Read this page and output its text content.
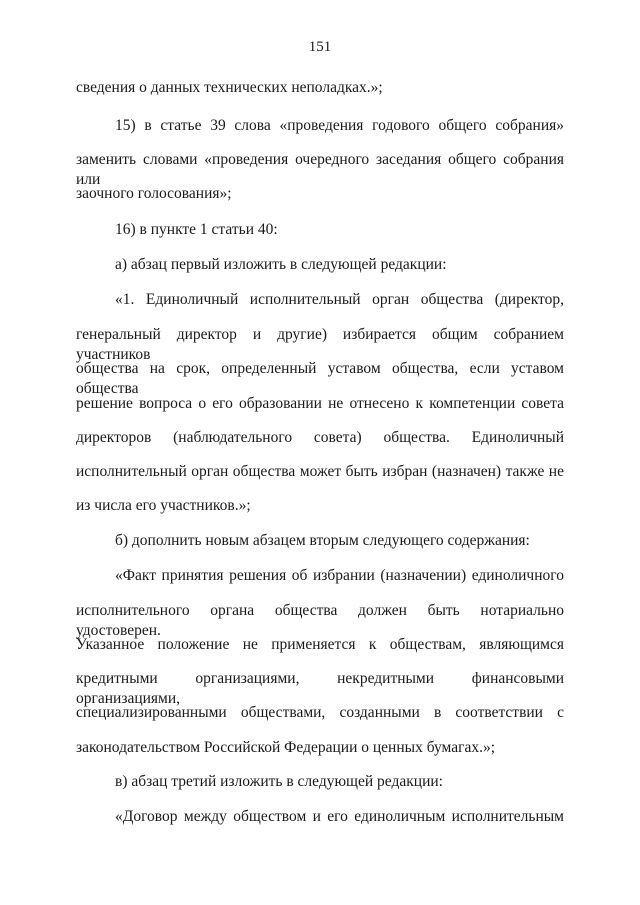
151
сведения о данных технических неполадках.»;
15) в статье 39 слова «проведения годового общего собрания»
заменить словами «проведения очередного заседания общего собрания или
заочного голосования»;
16) в пункте 1 статьи 40:
а) абзац первый изложить в следующей редакции:
«1. Единоличный исполнительный орган общества (директор,
генеральный директор и другие) избирается общим собранием участников
общества на срок, определенный уставом общества, если уставом общества
решение вопроса о его образовании не отнесено к компетенции совета
директоров (наблюдательного совета) общества. Единоличный
исполнительный орган общества может быть избран (назначен) также не
из числа его участников.»;
б) дополнить новым абзацем вторым следующего содержания:
«Факт принятия решения об избрании (назначении) единоличного
исполнительного органа общества должен быть нотариально удостоверен.
Указанное положение не применяется к обществам, являющимся
кредитными организациями, некредитными финансовыми организациями,
специализированными обществами, созданными в соответствии с
законодательством Российской Федерации о ценных бумагах.»;
в) абзац третий изложить в следующей редакции:
«Договор между обществом и его единоличным исполнительным
